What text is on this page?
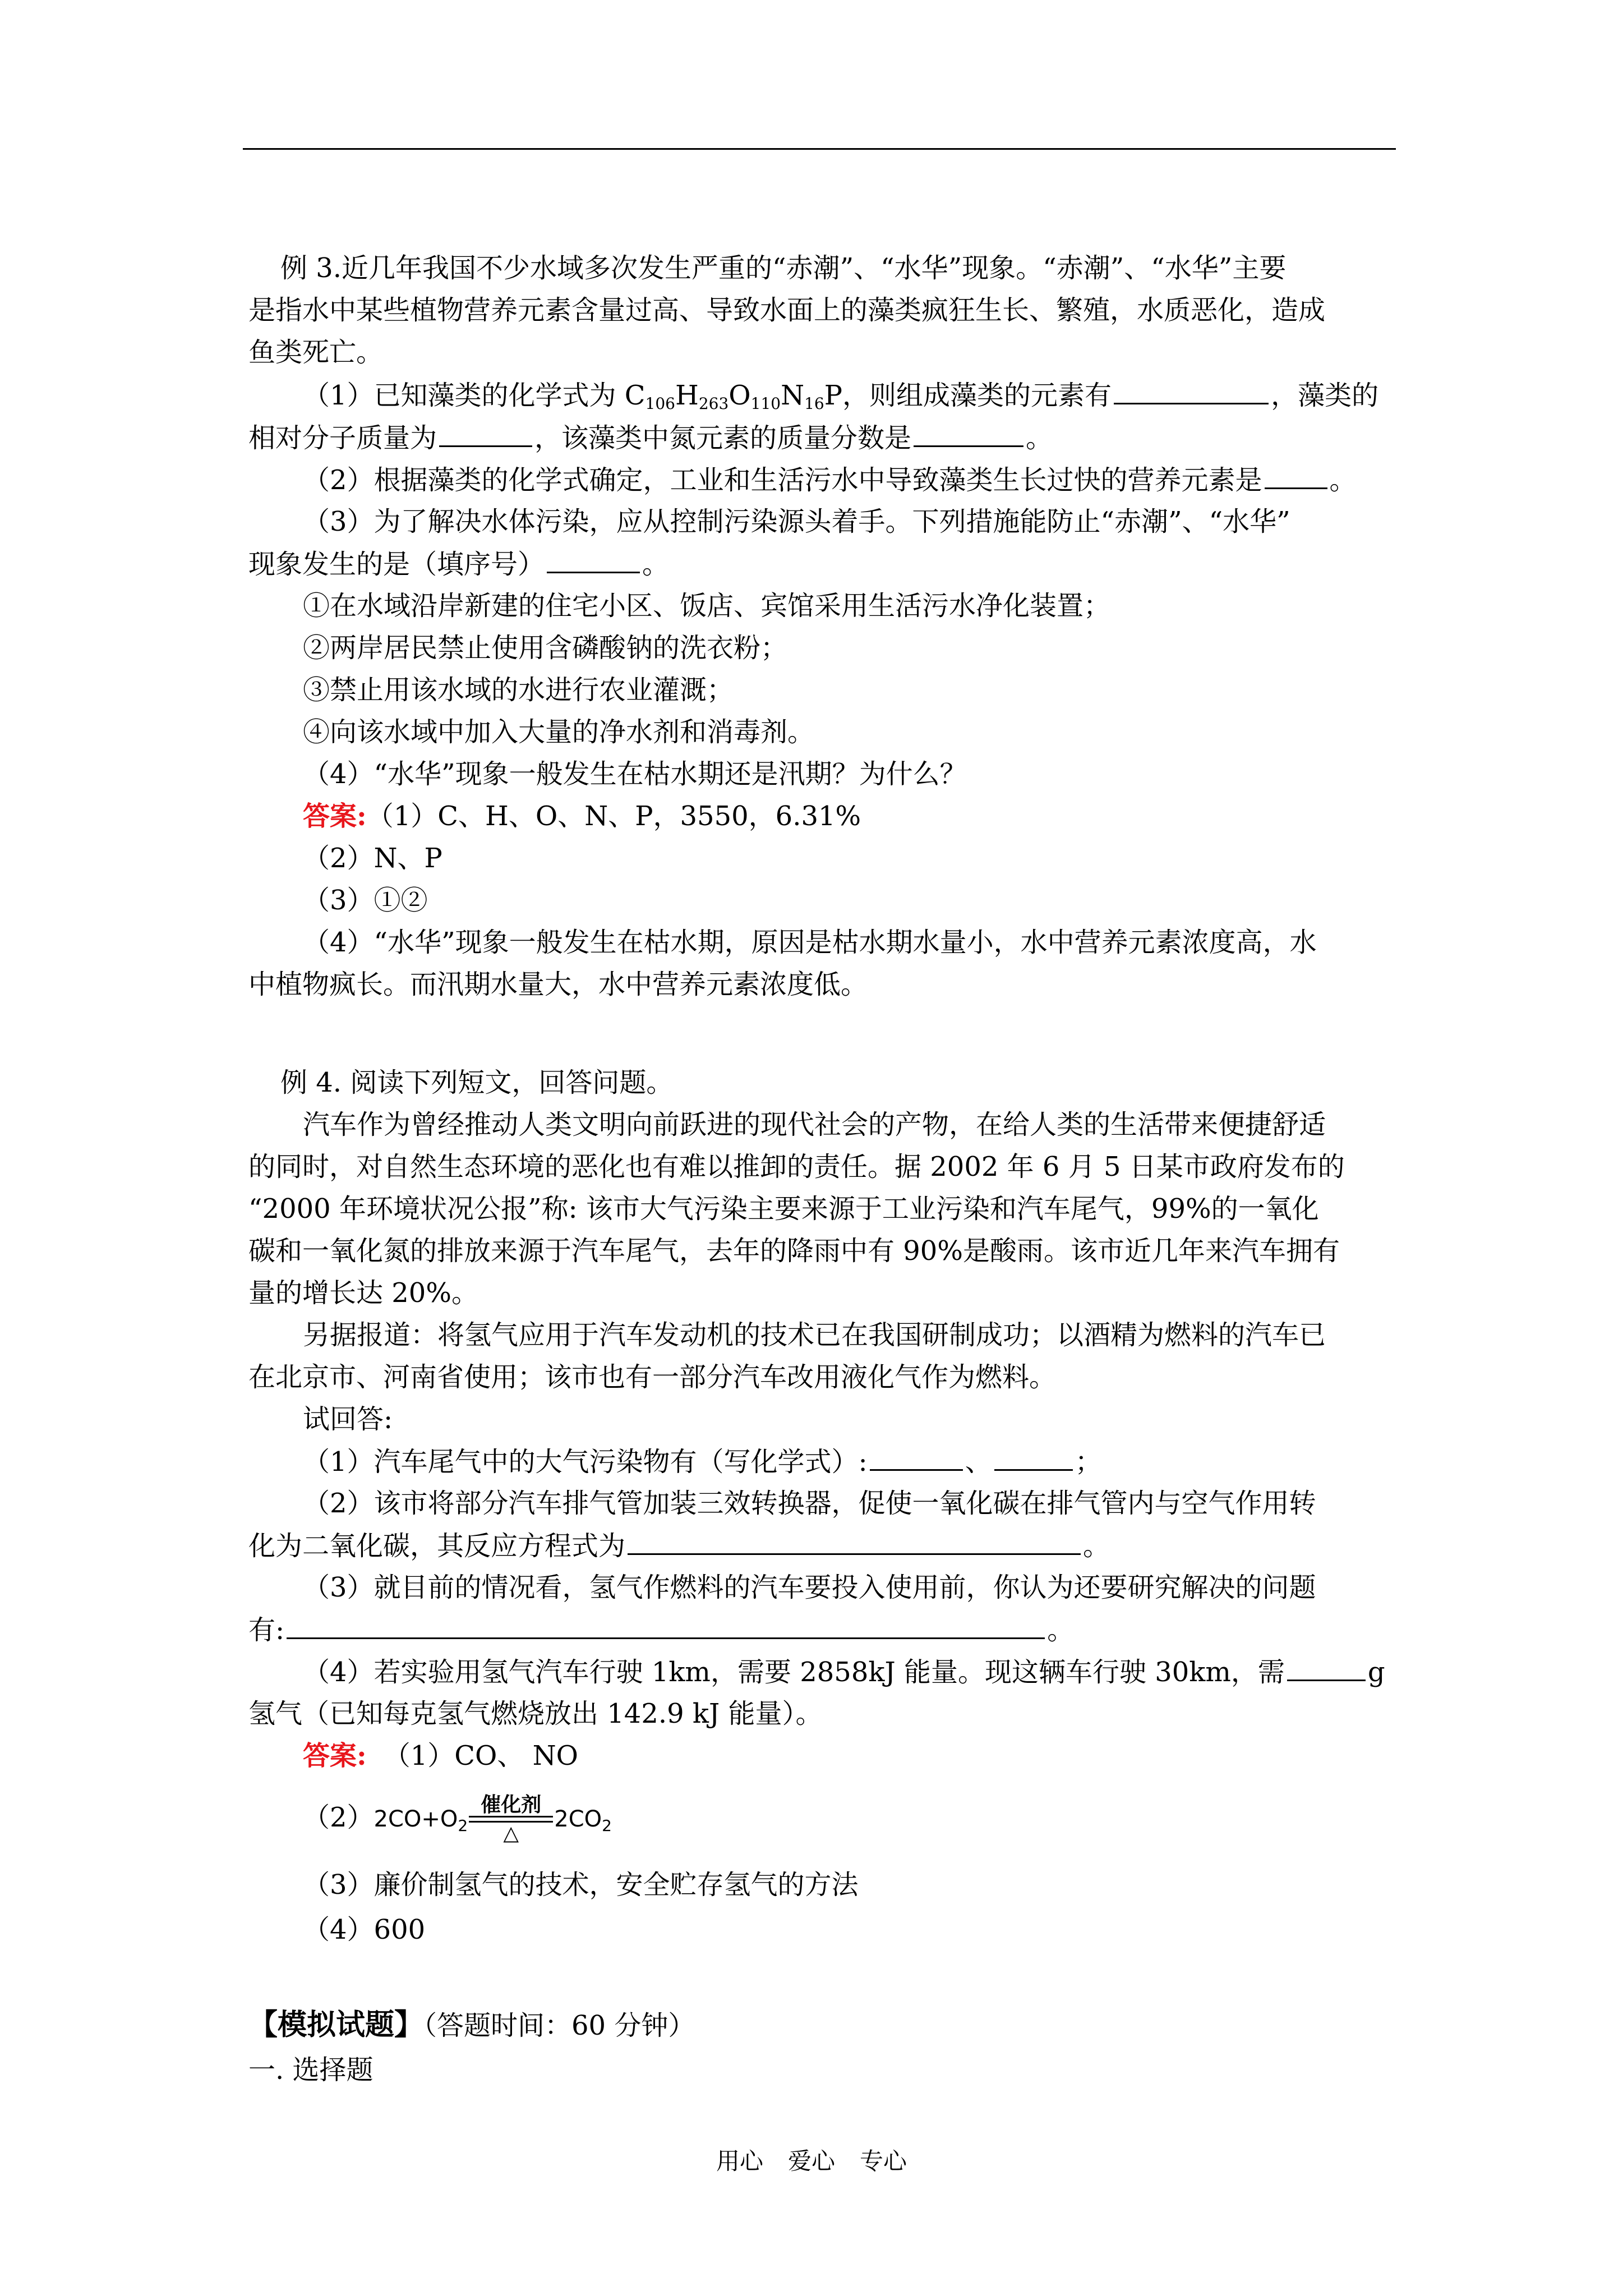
例 3.近几年我国不少水域多次发生严重的“赤潮”、“水华”现象。“赤潮”、“水华”主要
是指水中某些植物营养元素含量过高、导致水面上的藻类疯狂生长、繁殖，水质恶化，造成
鱼类死亡。
（1）已知藻类的化学式为 $C_{106}H_{263}O_{110}N_{16}P$，则组成藻类的元素有	，藻类的
相对分子质量为	，该藻类中氮元素的质量分数是	。
（2）根据藻类的化学式确定，工业和生活污水中导致藻类生长过快的营养元素是	。
（3）为了解决水体污染，应从控制污染源头着手。下列措施能防止“赤潮”、“水华”
现象发生的是（填序号）	。
①在水域沿岸新建的住宅小区、饭店、宾馆采用生活污水净化装置；
②两岸居民禁止使用含磷酸钠的洗衣粉；
③禁止用该水域的水进行农业灌溉；
④向该水域中加入大量的净水剂和消毒剂。
（4）“水华”现象一般发生在枯水期还是汛期？为什么？
答案:（1）C、H、O、N、P，3550，6.31%
（2）N、P
（3）①②
（4）“水华”现象一般发生在枯水期，原因是枯水期水量小，水中营养元素浓度高，水
中植物疯长。而汛期水量大，水中营养元素浓度低。
例 4. 阅读下列短文，回答问题。
汽车作为曾经推动人类文明向前跃进的现代社会的产物，在给人类的生活带来便捷舒适
的同时，对自然生态环境的恶化也有难以推卸的责任。据 2002 年 6 月 5 日某市政府发布的
“2000 年环境状况公报”称: 该市大气污染主要来源于工业污染和汽车尾气，99%的一氧化
碳和一氧化氮的排放来源于汽车尾气，去年的降雨中有 90%是酸雨。该市近几年来汽车拥有
量的增长达 20%。
另据报道：将氢气应用于汽车发动机的技术已在我国研制成功；以酒精为燃料的汽车已
在北京市、河南省使用；该市也有一部分汽车改用液化气作为燃料。
试回答:
（1）汽车尾气中的大气污染物有（写化学式）:	、	；
（2）该市将部分汽车排气管加装三效转换器，促使一氧化碳在排气管内与空气作用转
化为二氧化碳，其反应方程式为	。
（3）就目前的情况看，氢气作燃料的汽车要投入使用前，你认为还要研究解决的问题
有:	。
（4）若实验用氢气汽车行驶 1km，需要 2858kJ 能量。现这辆车行驶 30km，需	g
氢气（已知每克氢气燃烧放出 142.9 kJ 能量）。
答案: （1）CO、 NO
$(2)2CO+O_2$
催化剂
△
$2CO_2$
（3）廉价制氢气的技术，安全贮存氢气的方法
（4）600
【模拟试题】（答题时间：60 分钟）
一. 选择题
用心 爱心 专心
